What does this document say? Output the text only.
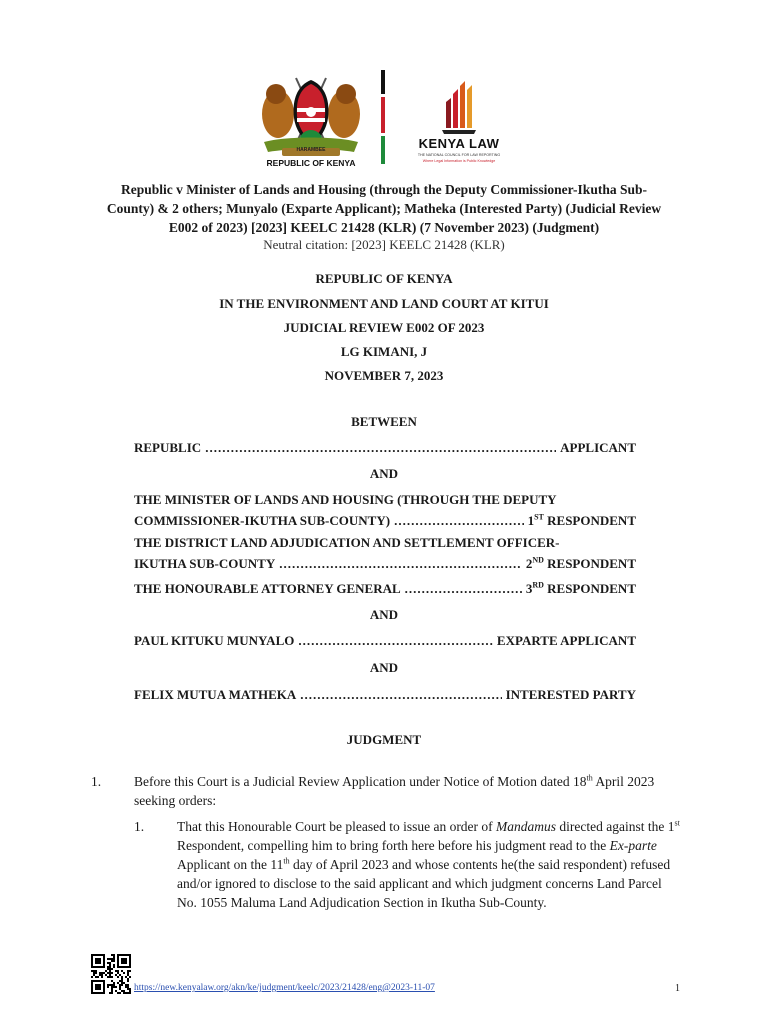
HARAMBEE
REPUBLIC OF KENYA
KENYA LAW
THE NATIONAL COUNCIL FOR LAW REPORTING
Where Legal Information is Public Knowledge
Republic v Minister of Lands and Housing (through the Deputy Commissioner-Ikutha Sub-County) & 2 others; Munyalo (Exparte Applicant); Matheka (Interested Party) (Judicial Review E002 of 2023) [2023] KEELC 21428 (KLR) (7 November 2023) (Judgment)
Neutral citation: [2023] KEELC 21428 (KLR)
REPUBLIC OF KENYA
IN THE ENVIRONMENT AND LAND COURT AT KITUI
JUDICIAL REVIEW E002 OF 2023
LG KIMANI, J
NOVEMBER 7, 2023
BETWEEN
REPUBLIC .....	APPLICANT
AND
THE MINISTER OF LANDS AND HOUSING (THROUGH THE DEPUTY
COMMISSIONER-IKUTHA SUB-COUNTY) .....	1ST RESPONDENT
THE DISTRICT LAND ADJUDICATION AND SETTLEMENT OFFICER-
IKUTHA SUB-COUNTY .....	2ND RESPONDENT
THE HONOURABLE ATTORNEY GENERAL .....	3RD RESPONDENT
AND
PAUL KITUKU MUNYALO .....	EXPARTE APPLICANT
AND
FELIX MUTUA MATHEKA .....	INTERESTED PARTY
JUDGMENT
1. Before this Court is a Judicial Review Application under Notice of Motion dated 18th April 2023 seeking orders:
1. That this Honourable Court be pleased to issue an order of Mandamus directed against the 1st Respondent, compelling him to bring forth here before his judgment read to the Ex-parte Applicant on the 11th day of April 2023 and whose contents he(the said respondent) refused and/or ignored to disclose to the said applicant and which judgment concerns Land Parcel No. 1055 Maluma Land Adjudication Section in Ikutha Sub-County.
https://new.kenyalaw.org/akn/ke/judgment/keelc/2023/21428/eng@2023-11-07	1
